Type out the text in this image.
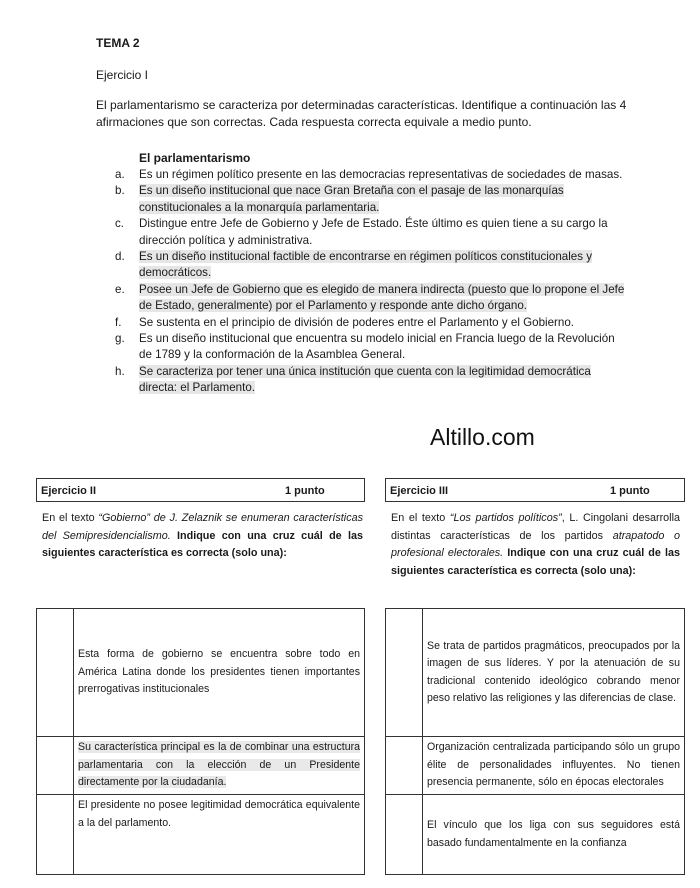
TEMA 2
Ejercicio I
El parlamentarismo se caracteriza por determinadas características. Identifique a continuación las 4 afirmaciones que son correctas. Cada respuesta correcta equivale a medio punto.
El parlamentarismo
a.	Es un régimen político presente en las democracias representativas de sociedades de masas.
b.	Es un diseño institucional que nace Gran Bretaña con el pasaje de las monarquías constitucionales a la monarquía parlamentaria.
c.	Distingue entre Jefe de Gobierno y Jefe de Estado. Éste último es quien tiene a su cargo la dirección política y administrativa.
d.	Es un diseño institucional factible de encontrarse en régimen políticos constitucionales y democráticos.
e.	Posee un Jefe de Gobierno que es elegido de manera indirecta (puesto que lo propone el Jefe de Estado, generalmente) por el Parlamento y responde ante dicho órgano.
f.	Se sustenta en el principio de división de poderes entre el Parlamento y el Gobierno.
g.	Es un diseño institucional que encuentra su modelo inicial en Francia luego de la Revolución de 1789 y la conformación de la Asamblea General.
h.	Se caracteriza por tener una única institución que cuenta con la legitimidad democrática directa: el Parlamento.
Altillo.com
Ejercicio II	1 punto
En el texto “Gobierno” de J. Zelaznik se enumeran características del Semipresidencialismo. Indique con una cruz cuál de las siguientes característica es correcta (solo una):
	Esta forma de gobierno se encuentra sobre todo en América Latina donde los presidentes tienen importantes prerrogativas institucionales
	Su característica principal es la de combinar una estructura parlamentaria con la elección de un Presidente directamente por la ciudadanía.
	El presidente no posee legitimidad democrática equivalente a la del parlamento.
Ejercicio III	1 punto
En el texto “Los partidos políticos”, L. Cingolani desarrolla distintas características de los partidos atrapatodo o profesional electorales. Indique con una cruz cuál de las siguientes característica es correcta (solo una):
	Se trata de partidos pragmáticos, preocupados por la imagen de sus líderes. Y por la atenuación de su tradicional contenido ideológico cobrando menor peso relativo las religiones y las diferencias de clase.
	Organización centralizada participando sólo un grupo élite de personalidades influyentes. No tienen presencia permanente, sólo en épocas electorales
	El vínculo que los liga con sus seguidores está basado fundamentalmente en la confianza
